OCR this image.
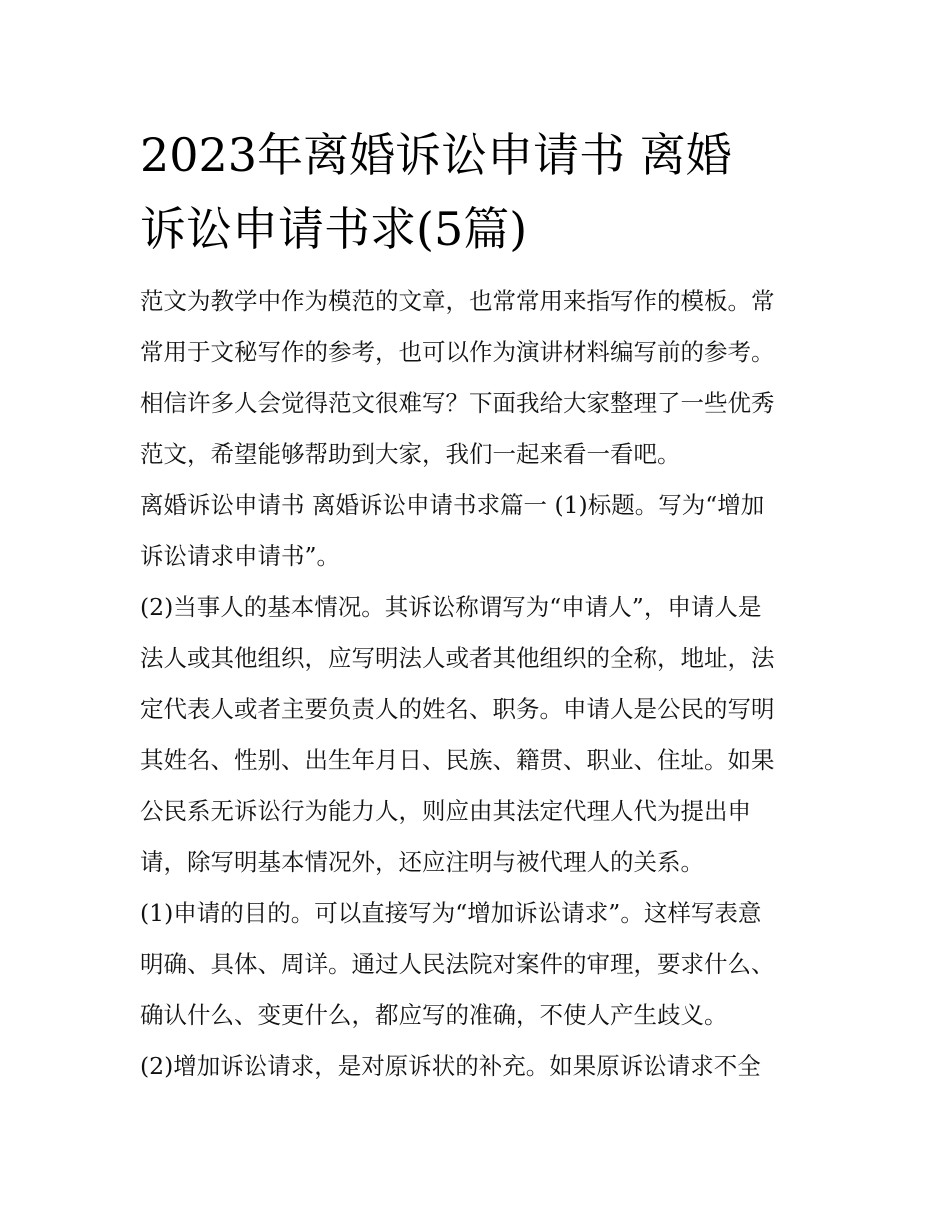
2023年离婚诉讼申请书 离婚
诉讼申请书求(5篇)
范文为教学中作为模范的文章，也常常用来指写作的模板。常
常用于文秘写作的参考，也可以作为演讲材料编写前的参考。
相信许多人会觉得范文很难写？下面我给大家整理了一些优秀
范文，希望能够帮助到大家，我们一起来看一看吧。
离婚诉讼申请书 离婚诉讼申请书求篇一 (1)标题。写为“增加
诉讼请求申请书”。
(2)当事人的基本情况。其诉讼称谓写为“申请人”，申请人是
法人或其他组织，应写明法人或者其他组织的全称，地址，法
定代表人或者主要负责人的姓名、职务。申请人是公民的写明
其姓名、性别、出生年月日、民族、籍贯、职业、住址。如果
公民系无诉讼行为能力人，则应由其法定代理人代为提出申
请，除写明基本情况外，还应注明与被代理人的关系。
(1)申请的目的。可以直接写为“增加诉讼请求”。这样写表意
明确、具体、周详。通过人民法院对案件的审理，要求什么、
确认什么、变更什么，都应写的准确，不使人产生歧义。
(2)增加诉讼请求，是对原诉状的补充。如果原诉讼请求不全
